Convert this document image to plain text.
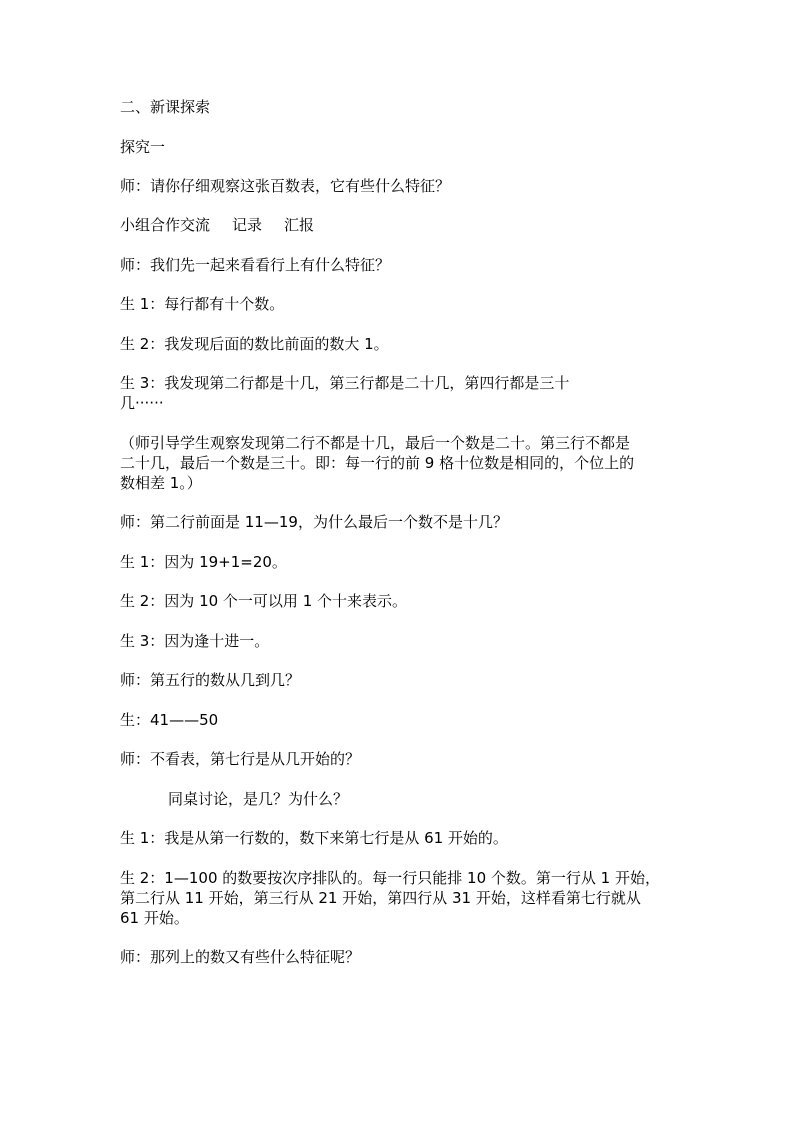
二、新课探索
探究一
师：请你仔细观察这张百数表，它有些什么特征？
小组合作交流 记录 汇报
师：我们先一起来看看行上有什么特征？
生 1：每行都有十个数。
生 2：我发现后面的数比前面的数大 1。
生 3：我发现第二行都是十几，第三行都是二十几，第四行都是三十
几······
（师引导学生观察发现第二行不都是十几，最后一个数是二十。第三行不都是
二十几，最后一个数是三十。即：每一行的前 9 格十位数是相同的，个位上的
数相差 1。）
师：第二行前面是 11—19，为什么最后一个数不是十几？
生 1：因为 19+1=20。
生 2：因为 10 个一可以用 1 个十来表示。
生 3：因为逢十进一。
师：第五行的数从几到几？
生：41——50
师：不看表，第七行是从几开始的？
同桌讨论，是几？为什么？
生 1：我是从第一行数的，数下来第七行是从 61 开始的。
生 2：1—100 的数要按次序排队的。每一行只能排 10 个数。第一行从 1 开始，
第二行从 11 开始，第三行从 21 开始，第四行从 31 开始，这样看第七行就从
61 开始。
师：那列上的数又有些什么特征呢？
